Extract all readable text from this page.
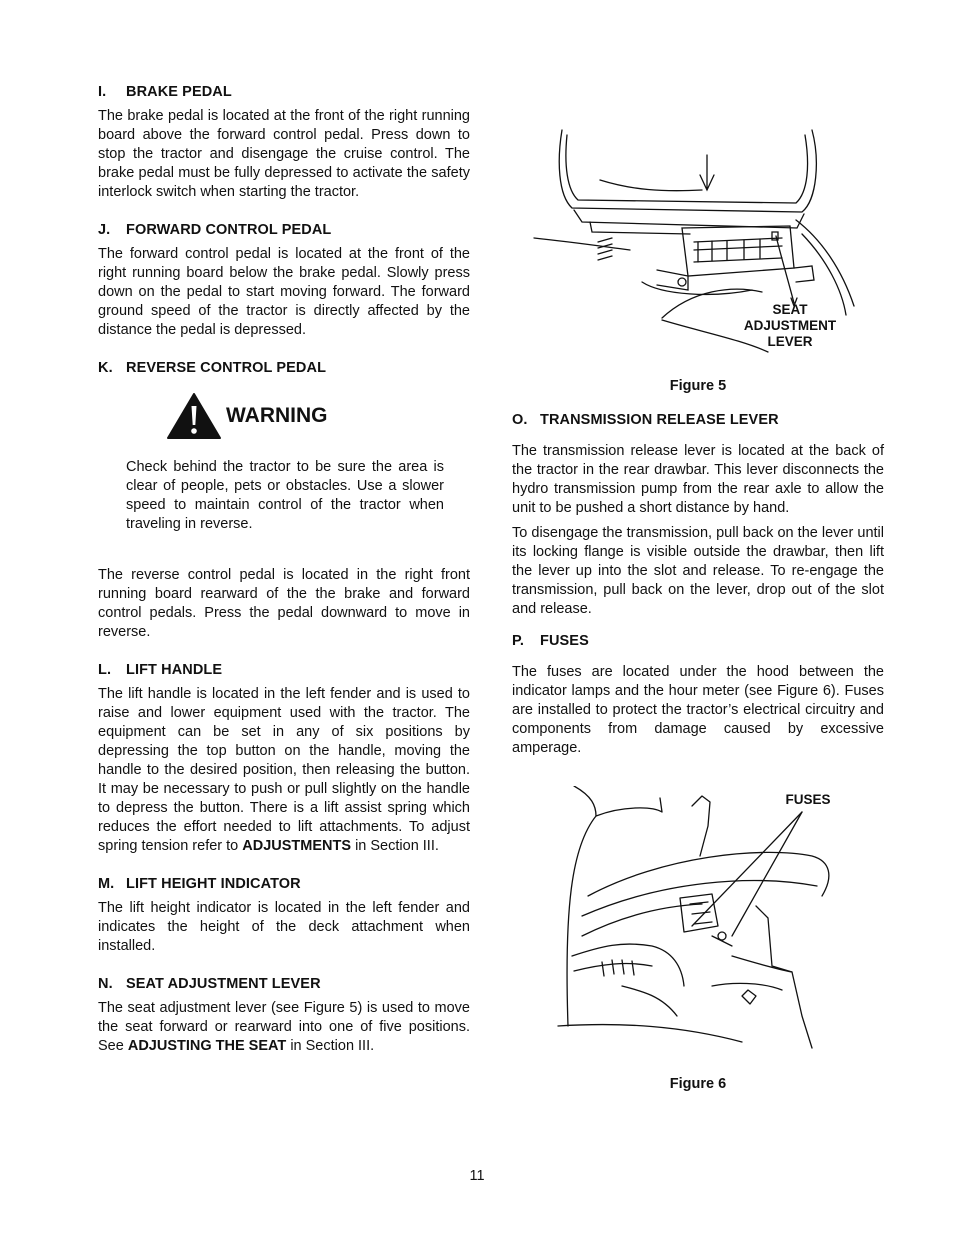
I. BRAKE PEDAL

The brake pedal is located at the front of the right running board above the forward control pedal. Press down to stop the tractor and disengage the cruise control. The brake pedal must be fully depressed to activate the safety interlock switch when starting the tractor.

J. FORWARD CONTROL PEDAL

The forward control pedal is located at the front of the right running board below the brake pedal. Slowly press down on the pedal to start moving forward. The forward ground speed of the tractor is directly affected by the distance the pedal is depressed.

K. REVERSE CONTROL PEDAL
WARNING

Check behind the tractor to be sure the area is clear of people, pets or obstacles. Use a slower speed to maintain control of the tractor when traveling in reverse.

The reverse control pedal is located in the right front running board rearward of the the brake and forward control pedals. Press the pedal downward to move in reverse.

L. LIFT HANDLE

The lift handle is located in the left fender and is used to raise and lower equipment used with the tractor. The equipment can be set in any of six positions by depressing the top button on the handle, moving the handle to the desired position, then releasing the button. It may be necessary to push or pull slightly on the handle to depress the button. There is a lift assist spring which reduces the effort needed to lift attachments. To adjust spring tension refer to ADJUSTMENTS in Section III.

M. LIFT HEIGHT INDICATOR

The lift height indicator is located in the left fender and indicates the height of the deck attachment when installed.

N. SEAT ADJUSTMENT LEVER

The seat adjustment lever (see Figure 5) is used to move the seat forward or rearward into one of five positions. See ADJUSTING THE SEAT in Section III.

SEAT
ADJUSTMENT
LEVER
Figure 5
O. TRANSMISSION RELEASE LEVER

The transmission release lever is located at the back of the tractor in the rear drawbar. This lever disconnects the hydro transmission pump from the rear axle to allow the unit to be pushed a short distance by hand.

To disengage the transmission, pull back on the lever until its locking flange is visible outside the drawbar, then lift the lever up into the slot and release. To re-engage the transmission, pull back on the lever, drop out of the slot and release.

P. FUSES

The fuses are located under the hood between the indicator lamps and the hour meter (see Figure 6). Fuses are installed to protect the tractor’s electrical circuitry and components from damage caused by excessive amperage.

FUSES
Figure 6
11
